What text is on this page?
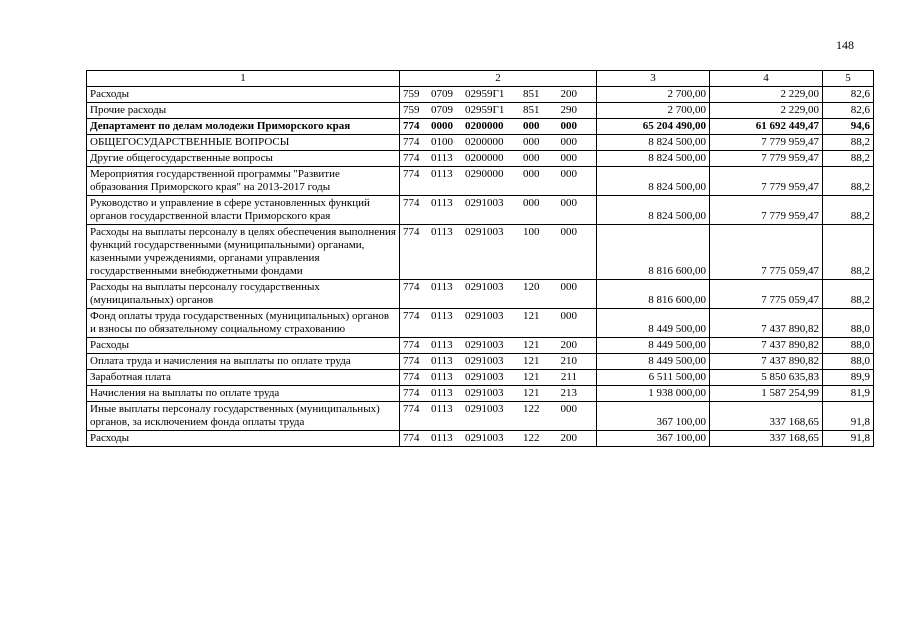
148
1	2	3	4	5
Расходы	759 0709 02959Г1 851 200	2 700,00	2 229,00	82,6
Прочие расходы	759 0709 02959Г1 851 290	2 700,00	2 229,00	82,6
Департамент по делам молодежи Приморского края	774 0000 0200000 000 000	65 204 490,00	61 692 449,47	94,6
ОБЩЕГОСУДАРСТВЕННЫЕ ВОПРОСЫ	774 0100 0200000 000 000	8 824 500,00	7 779 959,47	88,2
Другие общегосударственные вопросы	774 0113 0200000 000 000	8 824 500,00	7 779 959,47	88,2
Мероприятия государственной программы "Развитие образования Приморского края" на 2013-2017 годы	774 0113 0290000 000 000	8 824 500,00	7 779 959,47	88,2
Руководство и управление в сфере установленных функций органов государственной власти Приморского края	774 0113 0291003 000 000	8 824 500,00	7 779 959,47	88,2
Расходы на выплаты персоналу в целях обеспечения выполнения функций государственными (муниципальными) органами, казенными учреждениями, органами управления государственными внебюджетными фондами	774 0113 0291003 100 000	8 816 600,00	7 775 059,47	88,2
Расходы на выплаты персоналу государственных (муниципальных) органов	774 0113 0291003 120 000	8 816 600,00	7 775 059,47	88,2
Фонд оплаты труда государственных (муниципальных) органов и взносы по обязательному социальному страхованию	774 0113 0291003 121 000	8 449 500,00	7 437 890,82	88,0
Расходы	774 0113 0291003 121 200	8 449 500,00	7 437 890,82	88,0
Оплата труда и начисления на выплаты по оплате труда	774 0113 0291003 121 210	8 449 500,00	7 437 890,82	88,0
Заработная плата	774 0113 0291003 121 211	6 511 500,00	5 850 635,83	89,9
Начисления на выплаты по оплате труда	774 0113 0291003 121 213	1 938 000,00	1 587 254,99	81,9
Иные выплаты персоналу государственных (муниципальных) органов, за исключением фонда оплаты труда	774 0113 0291003 122 000	367 100,00	337 168,65	91,8
Расходы	774 0113 0291003 122 200	367 100,00	337 168,65	91,8
